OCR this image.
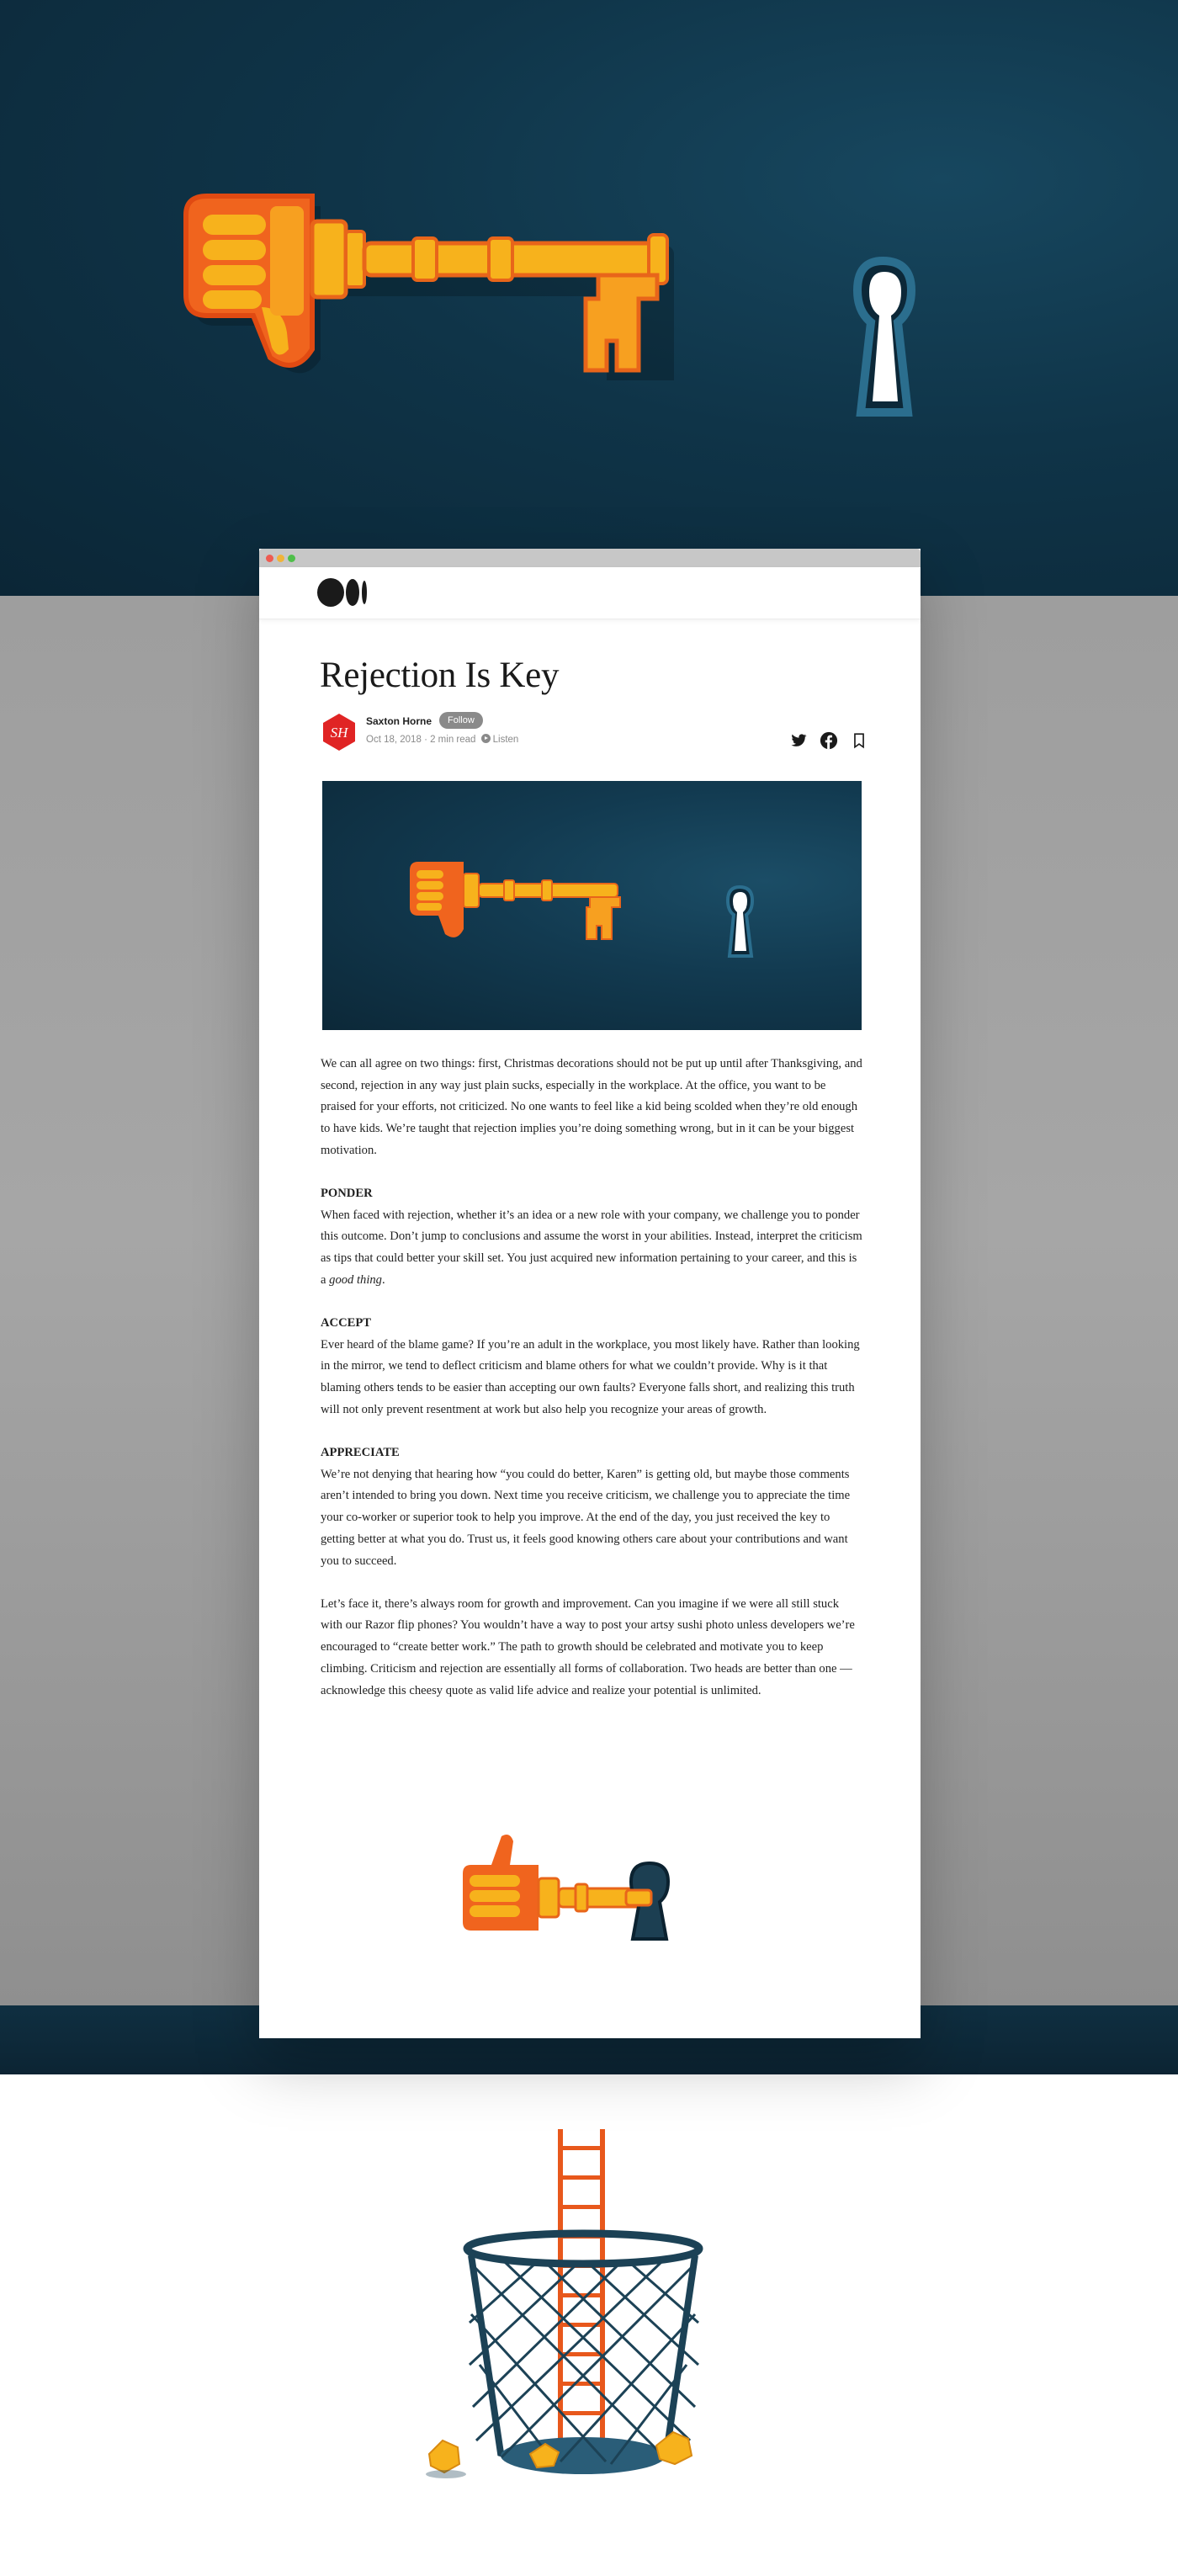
Rejection Is Key
SH
Saxton Horne	Follow
Oct 18, 2018 · 2 min read Listen

We can all agree on two things: first, Christmas decorations should not be put up until after Thanksgiving, and second, rejection in any way just plain sucks, especially in the workplace. At the office, you want to be praised for your efforts, not criticized. No one wants to feel like a kid being scolded when they’re old enough to have kids. We’re taught that rejection implies you’re doing something wrong, but in it can be your biggest motivation.

PONDER
When faced with rejection, whether it’s an idea or a new role with your company, we challenge you to ponder this outcome. Don’t jump to conclusions and assume the worst in your abilities. Instead, interpret the criticism as tips that could better your skill set. You just acquired new information pertaining to your career, and this is a good thing.

ACCEPT
Ever heard of the blame game? If you’re an adult in the workplace, you most likely have. Rather than looking in the mirror, we tend to deflect criticism and blame others for what we couldn’t provide. Why is it that blaming others tends to be easier than accepting our own faults? Everyone falls short, and realizing this truth will not only prevent resentment at work but also help you recognize your areas of growth.

APPRECIATE
We’re not denying that hearing how “you could do better, Karen” is getting old, but maybe those comments aren’t intended to bring you down. Next time you receive criticism, we challenge you to appreciate the time your co-worker or superior took to help you improve. At the end of the day, you just received the key to getting better at what you do. Trust us, it feels good knowing others care about your contributions and want you to succeed.

Let’s face it, there’s always room for growth and improvement. Can you imagine if we were all still stuck with our Razor flip phones? You wouldn’t have a way to post your artsy sushi photo unless developers we’re encouraged to “create better work.” The path to growth should be celebrated and motivate you to keep climbing. Criticism and rejection are essentially all forms of collaboration. Two heads are better than one — acknowledge this cheesy quote as valid life advice and realize your potential is unlimited.
